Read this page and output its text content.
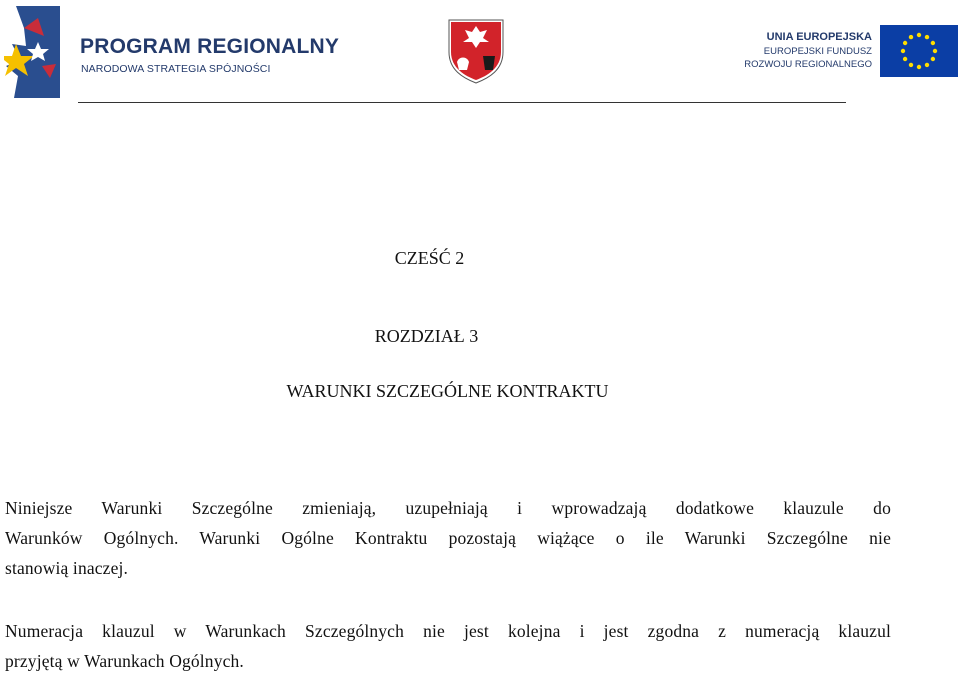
PROGRAM REGIONALNY
NARODOWA STRATEGIA SPÓJNOŚCI
UNIA EUROPEJSKA
EUROPEJSKI FUNDUSZ
ROZWOJU REGIONALNEGO
CZEŚĆ 2
ROZDZIAŁ 3
WARUNKI SZCZEGÓLNE KONTRAKTU
Niniejsze Warunki Szczególne zmieniają, uzupełniają i wprowadzają dodatkowe klauzule do
Warunków Ogólnych. Warunki Ogólne Kontraktu pozostają wiążące o ile Warunki Szczególne nie
stanowią inaczej.
Numeracja klauzul w Warunkach Szczególnych nie jest kolejna i jest zgodna z numeracją klauzul
przyjętą w Warunkach Ogólnych.
